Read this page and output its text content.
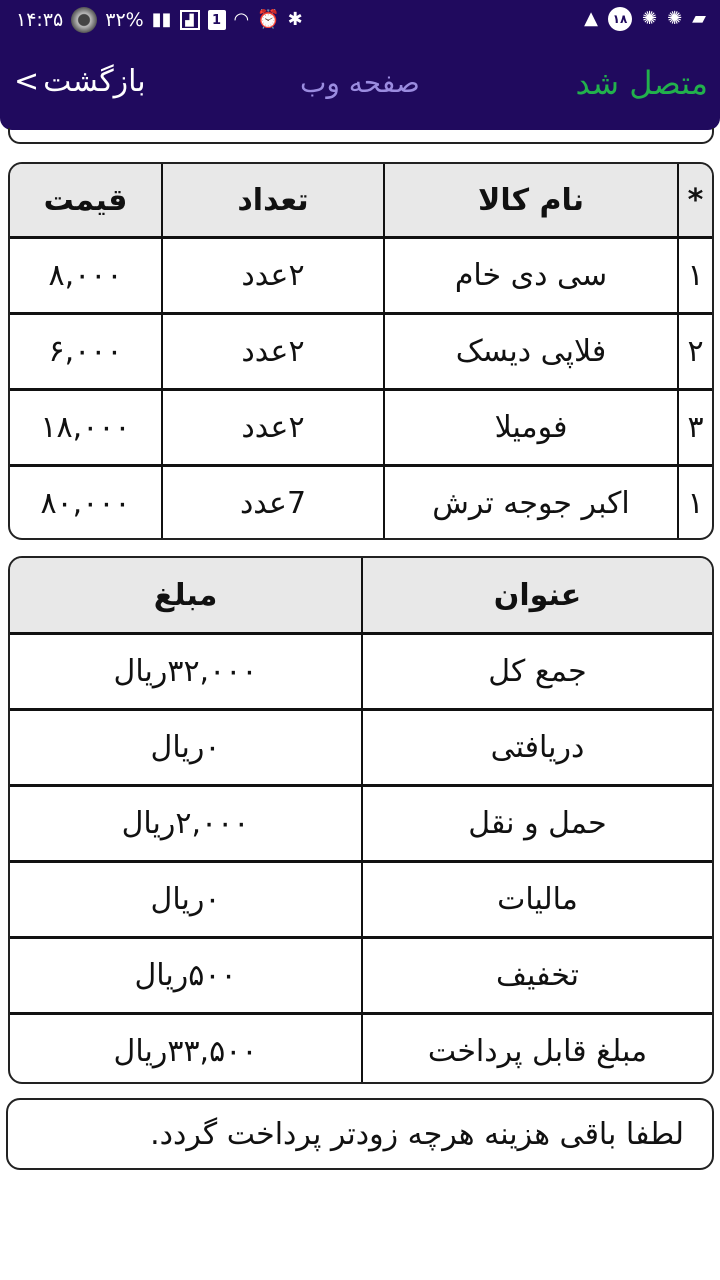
۱۴:۳۵ ۳۲% ▮▮	▟	1 ◠ ⏰ ✱	▲	۱۸ ✺ ✺ ▰
< بازگشت	صفحه وب	متصل شد
*	نام کالا	تعداد	قیمت
۱	سی دی خام	۲عدد	۸,۰۰۰
۲	فلاپی دیسک	۲عدد	۶,۰۰۰
۳	فومیلا	۲عدد	۱۸,۰۰۰
۱	اکبر جوجه ترش	7عدد	۸۰,۰۰۰
عنوان	مبلغ
جمع کل	۳۲,۰۰۰ریال
دریافتی	۰ریال
حمل و نقل	۲,۰۰۰ریال
مالیات	۰ریال
تخفیف	۵۰۰ریال
مبلغ قابل پرداخت	۳۳,۵۰۰ریال
لطفا باقی هزینه هرچه زودتر پرداخت گردد.
